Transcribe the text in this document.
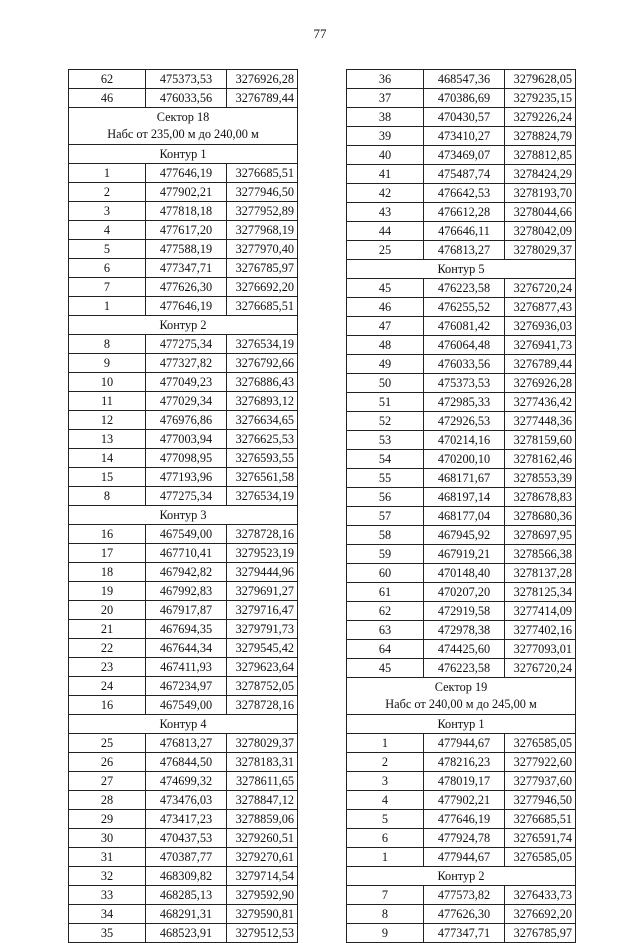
77
62	475373,53	3276926,28
46	476033,56	3276789,44

Сектор 18
Набс от 235,00 м до 240,00 м		

Контур 1		
1	477646,19	3276685,51
2	477902,21	3277946,50
3	477818,18	3277952,89
4	477617,20	3277968,19
5	477588,19	3277970,40
6	477347,71	3276785,97
7	477626,30	3276692,20
1	477646,19	3276685,51
Контур 2		
8	477275,34	3276534,19
9	477327,82	3276792,66
10	477049,23	3276886,43
11	477029,34	3276893,12
12	476976,86	3276634,65
13	477003,94	3276625,53
14	477098,95	3276593,55
15	477193,96	3276561,58
8	477275,34	3276534,19
Контур 3		
16	467549,00	3278728,16
17	467710,41	3279523,19
18	467942,82	3279444,96
19	467992,83	3279691,27
20	467917,87	3279716,47
21	467694,35	3279791,73
22	467644,34	3279545,42
23	467411,93	3279623,64
24	467234,97	3278752,05
16	467549,00	3278728,16
Контур 4		
25	476813,27	3278029,37
26	476844,50	3278183,31
27	474699,32	3278611,65
28	473476,03	3278847,12
29	473417,23	3278859,06
30	470437,53	3279260,51
31	470387,77	3279270,61
32	468309,82	3279714,54
33	468285,13	3279592,90
34	468291,31	3279590,81
35	468523,91	3279512,53
36	468547,36	3279628,05
37	470386,69	3279235,15
38	470430,57	3279226,24
39	473410,27	3278824,79
40	473469,07	3278812,85
41	475487,74	3278424,29
42	476642,53	3278193,70
43	476612,28	3278044,66
44	476646,11	3278042,09
25	476813,27	3278029,37
Контур 5		
45	476223,58	3276720,24
46	476255,52	3276877,43
47	476081,42	3276936,03
48	476064,48	3276941,73
49	476033,56	3276789,44
50	475373,53	3276926,28
51	472985,33	3277436,42
52	472926,53	3277448,36
53	470214,16	3278159,60
54	470200,10	3278162,46
55	468171,67	3278553,39
56	468197,14	3278678,83
57	468177,04	3278680,36
58	467945,92	3278697,95
59	467919,21	3278566,38
60	470148,40	3278137,28
61	470207,20	3278125,34
62	472919,58	3277414,09
63	472978,38	3277402,16
64	474425,60	3277093,01
45	476223,58	3276720,24

Сектор 19
Набс от 240,00 м до 245,00 м		

Контур 1		
1	477944,67	3276585,05
2	478216,23	3277922,60
3	478019,17	3277937,60
4	477902,21	3277946,50
5	477646,19	3276685,51
6	477924,78	3276591,74
1	477944,67	3276585,05
Контур 2		
7	477573,82	3276433,73
8	477626,30	3276692,20
9	477347,71	3276785,97
